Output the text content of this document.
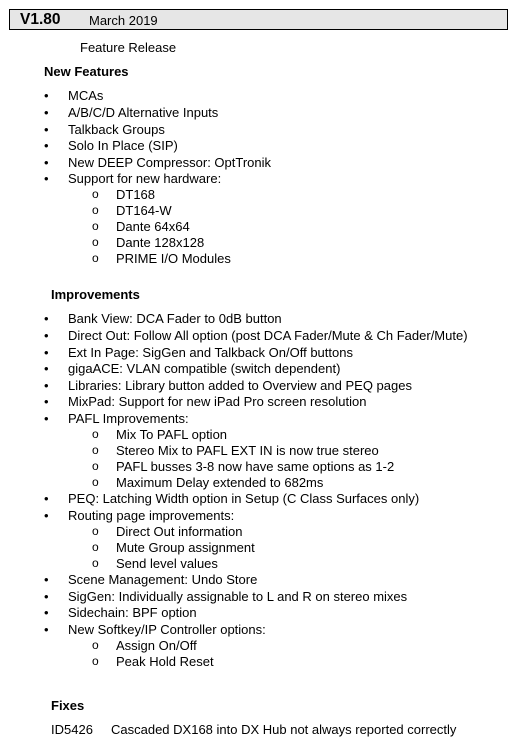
V1.80 March 2019
Feature Release
New Features
• MCAs
• A/B/C/D Alternative Inputs
• Talkback Groups
• Solo In Place (SIP)
• New DEEP Compressor: OptTronik
• Support for new hardware:
o DT168
o DT164-W
o Dante 64x64
o Dante 128x128
o PRIME I/O Modules
Improvements
• Bank View: DCA Fader to 0dB button
• Direct Out: Follow All option (post DCA Fader/Mute & Ch Fader/Mute)
• Ext In Page: SigGen and Talkback On/Off buttons
• gigaACE: VLAN compatible (switch dependent)
• Libraries: Library button added to Overview and PEQ pages
• MixPad: Support for new iPad Pro screen resolution
• PAFL Improvements:
o Mix To PAFL option
o Stereo Mix to PAFL EXT IN is now true stereo
o PAFL busses 3-8 now have same options as 1-2
o Maximum Delay extended to 682ms
• PEQ: Latching Width option in Setup (C Class Surfaces only)
• Routing page improvements:
o Direct Out information
o Mute Group assignment
o Send level values
• Scene Management: Undo Store
• SigGen: Individually assignable to L and R on stereo mixes
• Sidechain: BPF option
• New Softkey/IP Controller options:
o Assign On/Off
o Peak Hold Reset
Fixes
ID5426 Cascaded DX168 into DX Hub not always reported correctly
